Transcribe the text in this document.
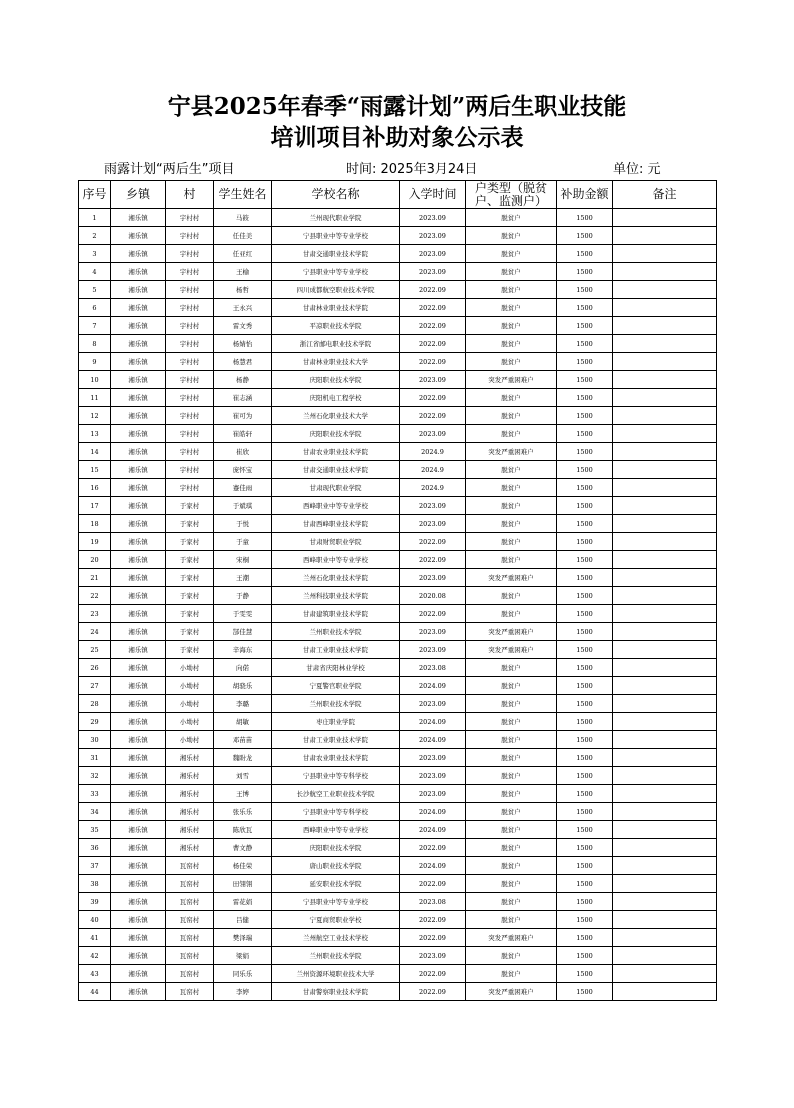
宁县2025年春季“雨露计划”两后生职业技能
培训项目补助对象公示表
雨露计划“两后生”项目	时间: 2025年3月24日	单位: 元
序号	乡镇	村	学生姓名	学校名称	入学时间	户类型（脱贫户、监测户）	补助金额	备注
1	湘乐镇	宇村村	马筱	兰州现代职业学院	2023.09	脱贫户	1500	
2	湘乐镇	宇村村	任佳美	宁县职业中等专业学校	2023.09	脱贫户	1500	
3	湘乐镇	宇村村	任亚红	甘肃交通职业技术学院	2023.09	脱贫户	1500	
4	湘乐镇	宇村村	王榆	宁县职业中等专业学校	2023.09	脱贫户	1500	
5	湘乐镇	宇村村	杨哲	四川成都航空职业技术学院	2022.09	脱贫户	1500	
6	湘乐镇	宇村村	王永兴	甘肃林业职业技术学院	2022.09	脱贫户	1500	
7	湘乐镇	宇村村	雷文秀	平凉职业技术学院	2022.09	脱贫户	1500	
8	湘乐镇	宇村村	杨婧怡	浙江省邮电职业技术学院	2022.09	脱贫户	1500	
9	湘乐镇	宇村村	杨慧君	甘肃林业职业技术大学	2022.09	脱贫户	1500	
10	湘乐镇	宇村村	杨静	庆阳职业技术学院	2023.09	突发严重困难户	1500	
11	湘乐镇	宇村村	崔志涵	庆阳机电工程学校	2022.09	脱贫户	1500	
12	湘乐镇	宇村村	崔可为	兰州石化职业技术大学	2022.09	脱贫户	1500	
13	湘乐镇	宇村村	崔皓轩	庆阳职业技术学院	2023.09	脱贫户	1500	
14	湘乐镇	宇村村	崔欣	甘肃农业职业技术学院	2024.9	突发严重困难户	1500	
15	湘乐镇	宇村村	庞怀宝	甘肃交通职业技术学院	2024.9	脱贫户	1500	
16	湘乐镇	宇村村	蹇佳雨	甘肃现代职业学院	2024.9	脱贫户	1500	
17	湘乐镇	于家村	于斌琪	西峰职业中等专业学校	2023.09	脱贫户	1500	
18	湘乐镇	于家村	于悦	甘肃西峰职业技术学院	2023.09	脱贫户	1500	
19	湘乐镇	于家村	于童	甘肃财贸职业学院	2022.09	脱贫户	1500	
20	湘乐镇	于家村	宋桐	西峰职业中等专业学校	2022.09	脱贫户	1500	
21	湘乐镇	于家村	王潮	兰州石化职业技术学院	2023.09	突发严重困难户	1500	
22	湘乐镇	于家村	于静	兰州科技职业技术学院	2020.08	脱贫户	1500	
23	湘乐镇	于家村	于雯雯	甘肃建筑职业技术学院	2022.09	脱贫户	1500	
24	湘乐镇	于家村	郜佳慧	兰州职业技术学院	2023.09	突发严重困难户	1500	
25	湘乐镇	于家村	辛海东	甘肃工业职业技术学院	2023.09	突发严重困难户	1500	
26	湘乐镇	小坳村	向偌	甘肃省庆阳林业学校	2023.08	脱贫户	1500	
27	湘乐镇	小坳村	胡骁乐	宁夏警官职业学院	2024.09	脱贫户	1500	
28	湘乐镇	小坳村	李璐	兰州职业技术学院	2023.09	脱贫户	1500	
29	湘乐镇	小坳村	胡敏	枣庄职业学院	2024.09	脱贫户	1500	
30	湘乐镇	小坳村	邓苗苗	甘肃工业职业技术学院	2024.09	脱贫户	1500	
31	湘乐镇	湘乐村	魏盼龙	甘肃农业职业技术学院	2023.09	脱贫户	1500	
32	湘乐镇	湘乐村	刘雪	宁县职业中等专科学校	2023.09	脱贫户	1500	
33	湘乐镇	湘乐村	王博	长沙航空工业职业技术学院	2023.09	脱贫户	1500	
34	湘乐镇	湘乐村	张乐乐	宁县职业中等专科学校	2024.09	脱贫户	1500	
35	湘乐镇	湘乐村	陈欣瓦	西峰职业中等专业学校	2024.09	脱贫户	1500	
36	湘乐镇	湘乐村	曹文静	庆阳职业技术学院	2022.09	脱贫户	1500	
37	湘乐镇	瓦窑村	杨佳荣	唐山职业技术学院	2024.09	脱贫户	1500	
38	湘乐镇	瓦窑村	田翎翎	延安职业技术学院	2022.09	脱贫户	1500	
39	湘乐镇	瓦窑村	雷花娟	宁县职业中等专业学校	2023.08	脱贫户	1500	
40	湘乐镇	瓦窑村	吕健	宁夏商贸职业学校	2022.09	脱贫户	1500	
41	湘乐镇	瓦窑村	樊泽瑞	兰州航空工业技术学校	2022.09	突发严重困难户	1500	
42	湘乐镇	瓦窑村	梁娟	兰州职业技术学院	2023.09	脱贫户	1500	
43	湘乐镇	瓦窑村	同乐乐	兰州资源环境职业技术大学	2022.09	脱贫户	1500	
44	湘乐镇	瓦窑村	李婷	甘肃警察职业技术学院	2022.09	突发严重困难户	1500	
